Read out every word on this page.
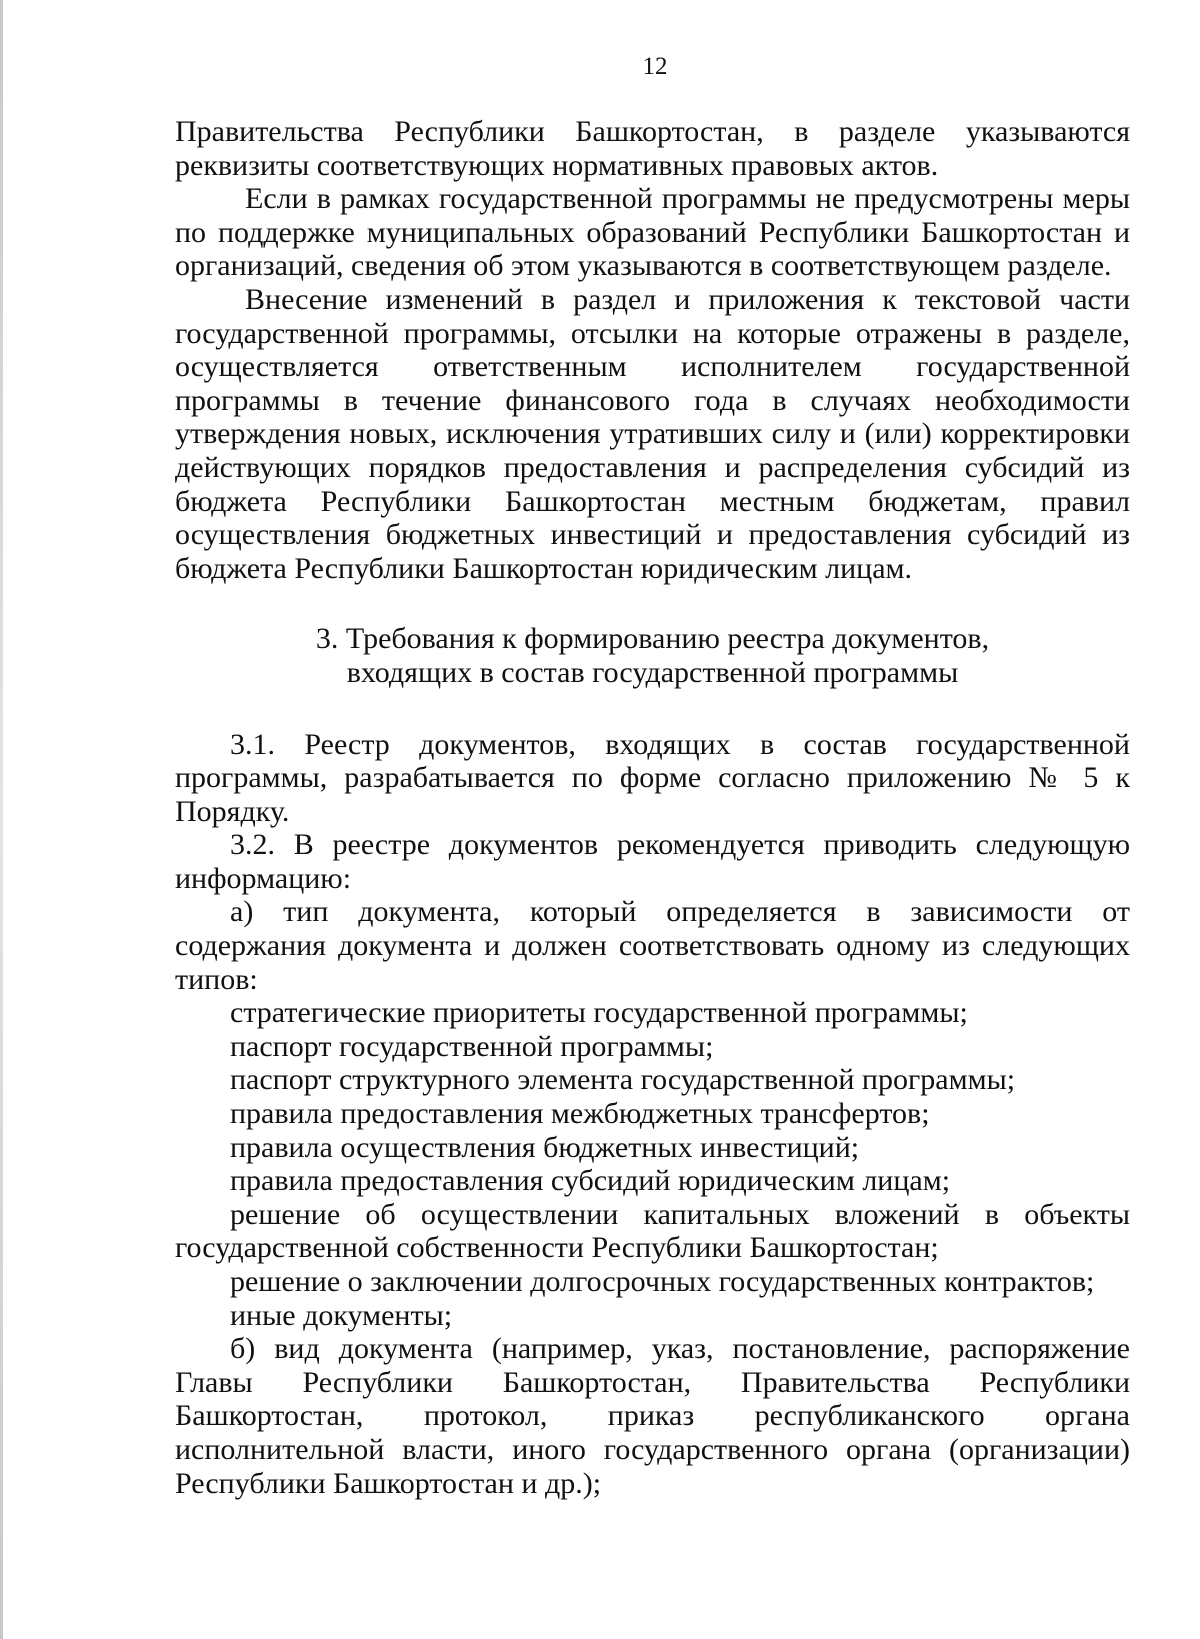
12

Правительства Республики Башкортостан, в разделе указываются реквизиты соответствующих нормативных правовых актов.

Если в рамках государственной программы не предусмотрены меры по поддержке муниципальных образований Республики Башкортостан и организаций, сведения об этом указываются в соответствующем разделе.

Внесение изменений в раздел и приложения к текстовой части государственной программы, отсылки на которые отражены в разделе, осуществляется ответственным исполнителем государственной программы в течение финансового года в случаях необходимости утверждения новых, исключения утративших силу и (или) корректировки действующих порядков предоставления и распределения субсидий из бюджета Республики Башкортостан местным бюджетам, правил осуществления бюджетных инвестиций и предоставления субсидий из бюджета Республики Башкортостан юридическим лицам.

3. Требования к формированию реестра документов,
входящих в состав государственной программы

3.1. Реестр документов, входящих в состав государственной программы, разрабатывается по форме согласно приложению № 5 к Порядку.

3.2. В реестре документов рекомендуется приводить следующую информацию:

а) тип документа, который определяется в зависимости от содержания документа и должен соответствовать одному из следующих типов:

стратегические приоритеты государственной программы;

паспорт государственной программы;

паспорт структурного элемента государственной программы;

правила предоставления межбюджетных трансфертов;

правила осуществления бюджетных инвестиций;

правила предоставления субсидий юридическим лицам;

решение об осуществлении капитальных вложений в объекты государственной собственности Республики Башкортостан;

решение о заключении долгосрочных государственных контрактов;

иные документы;

б) вид документа (например, указ, постановление, распоряжение Главы Республики Башкортостан, Правительства Республики Башкортостан, протокол, приказ республиканского органа исполнительной власти, иного государственного органа (организации) Республики Башкортостан и др.);
